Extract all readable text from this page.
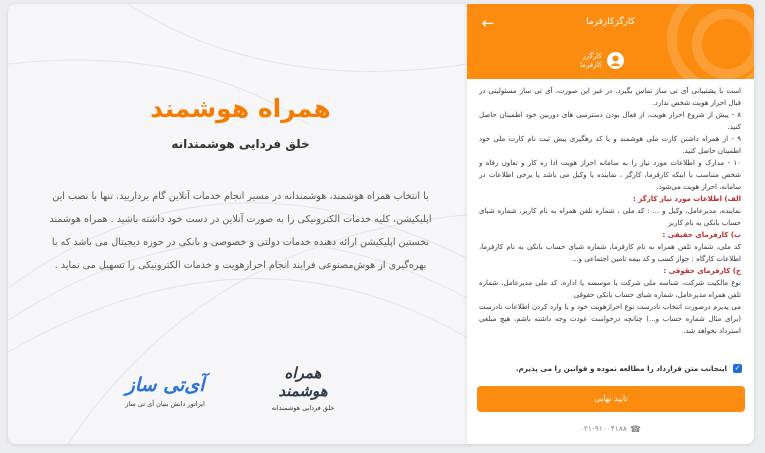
همراه هوشمند
خلق فردایی هوشمندانه

با انتخاب همراه هوشمند، هوشمندانه در مسیر انجام خدمات آنلاین گام برداریید. تنها با نصب این اپلیکیشن، کلیه خدمات الکترونیکی را به صورت آنلاین در دست خود داشته باشید . همراه هوشمند نخستین اپلیکیشن ارائه دهنده خدمات دولتی و خصوصی و بانکی در حوزه دیجیتال می باشد که با بهره‌گیری از هوش‌مصنوعی فرایند انجام احرازهویت و خدمات الکترونیکی را تسهیل می نماید .

همراه هوشمند
خلق فردایی هوشمندانه
آی‌تی ساز
ایراتور دانش بنیان آی تی ساز
←	کارگزکارفرما
کارگزر
کارفرما

است با پشتیبانی آی تی ساز تماس بگیرد. در غیر این صورت، آی تی ساز مسئولیتی در قبال احراز هویت شخص ندارد.

۸ - پیش از شروع احراز هویت، از فعال بودن دسترسی های دوربین خود اطمینان حاصل کنید.

۹ - از همراه داشتن کارت ملی هوشمند و یا کد رهگیری پیش ثبت نام کارت ملی خود اطمینان حاصل کنید.

۱۰ - مدارک و اطلاعات مورد نیاز را به سامانه احراز هویت ادا ره کار و تعاون رفاه و شخص متناسب با اینکه کارفرما، کارگر ، نماینده یا وکیل می باشد یا برخی اطلاعات در سامانه، احراز هویت می‌شود.

الف) اطلاعات مورد نیاز کارگر :

نماینده، مدیرعامل، وکیل و ... : کد ملی ، شماره تلفن همراه به نام کاربر، شماره شبای حساب بانکی به نام کاربر

ب) کارفرمای حقیقی :

کد ملی، شماره تلفن همراه به نام کارفرما، شماره شبای حساب بانکی به نام کارفرما، اطلاعات کارگاه : جواز کسب و کد بیمه تامین اجتماعی و...

ج) کارفرمای حقوقی :

نوع مالکیت شرکت، شناسه ملی شرکت یا موسسه یا اداره، کد ملی مدیرعامل، شماره تلفن همراه مدیرعامل، شماره شبای حساب بانکی حقوقی

می پذیرم درصورت انتخاب نادرست نوع احرازهویت خود و یا وارد کردن اطلاعات نادرست (برای مثال شماره حساب و...) چنانچه درخواست عودت وجه داشته باشم، هیچ مبلغی استرداد نخواهد شد.

✓
اینجانب متن قرارداد را مطالعه نموده و قوانین را می پذیرم.
تایید نهایی
۰۲۱-۹۱۰۰۴۱۸۸ ☎
